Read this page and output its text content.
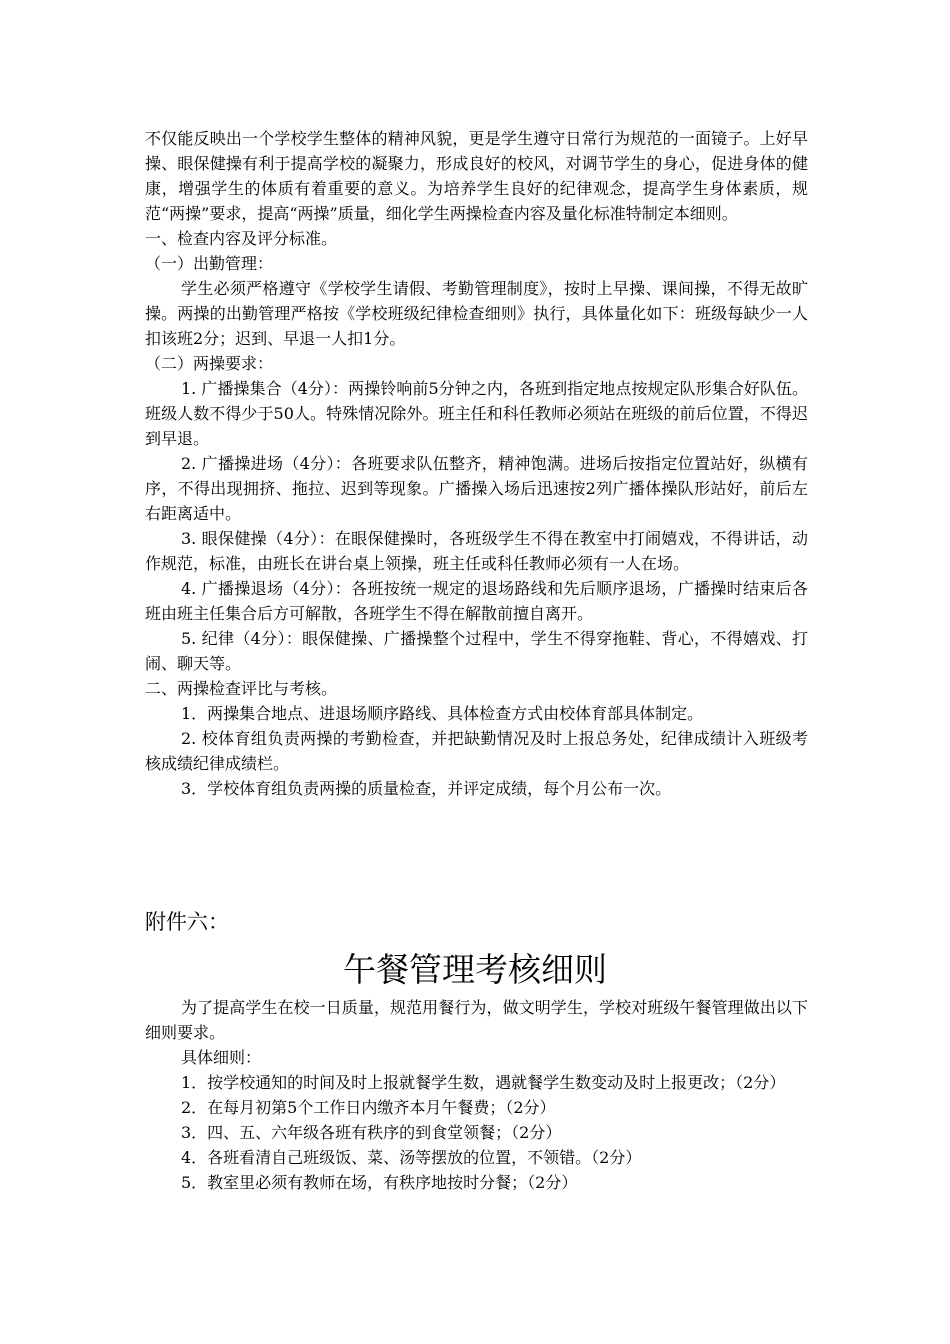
不仅能反映出一个学校学生整体的精神风貌，更是学生遵守日常行为规范的一面镜子。上好早操、眼保健操有利于提高学校的凝聚力，形成良好的校风，对调节学生的身心，促进身体的健康，增强学生的体质有着重要的意义。为培养学生良好的纪律观念，提高学生身体素质，规范“两操”要求，提高“两操”质量，细化学生两操检查内容及量化标准特制定本细则。

一、检查内容及评分标准。

（一）出勤管理：

学生必须严格遵守《学校学生请假、考勤管理制度》，按时上早操、课间操，不得无故旷操。两操的出勤管理严格按《学校班级纪律检查细则》执行，具体量化如下：班级每缺少一人扣该班2分；迟到、早退一人扣1分。

（二）两操要求：

1. 广播操集合（4分）：两操铃响前5分钟之内，各班到指定地点按规定队形集合好队伍。班级人数不得少于50人。特殊情况除外。班主任和科任教师必须站在班级的前后位置，不得迟到早退。

2. 广播操进场（4分）：各班要求队伍整齐，精神饱满。进场后按指定位置站好，纵横有序，不得出现拥挤、拖拉、迟到等现象。广播操入场后迅速按2列广播体操队形站好，前后左右距离适中。

3. 眼保健操（4分）：在眼保健操时，各班级学生不得在教室中打闹嬉戏，不得讲话，动作规范，标准，由班长在讲台桌上领操，班主任或科任教师必须有一人在场。

4. 广播操退场（4分）：各班按统一规定的退场路线和先后顺序退场，广播操时结束后各班由班主任集合后方可解散，各班学生不得在解散前擅自离开。

5. 纪律（4分）：眼保健操、广播操整个过程中，学生不得穿拖鞋、背心，不得嬉戏、打闹、聊天等。

二、两操检查评比与考核。

1．两操集合地点、进退场顺序路线、具体检查方式由校体育部具体制定。

2. 校体育组负责两操的考勤检查，并把缺勤情况及时上报总务处，纪律成绩计入班级考核成绩纪律成绩栏。

3．学校体育组负责两操的质量检查，并评定成绩，每个月公布一次。

附件六：
午餐管理考核细则

为了提高学生在校一日质量，规范用餐行为，做文明学生，学校对班级午餐管理做出以下细则要求。

具体细则：

1．按学校通知的时间及时上报就餐学生数，遇就餐学生数变动及时上报更改；（2分）

2．在每月初第5个工作日内缴齐本月午餐费；（2分）

3．四、五、六年级各班有秩序的到食堂领餐；（2分）

4．各班看清自己班级饭、菜、汤等摆放的位置，不领错。（2分）

5．教室里必须有教师在场，有秩序地按时分餐；（2分）
